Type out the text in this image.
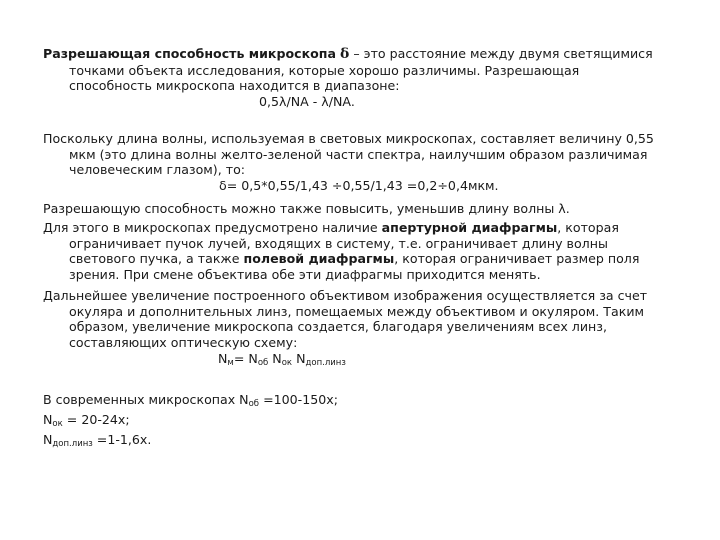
Разрешающая способность микроскопа δ – это расстояние между двумя светящимися
точками объекта исследования, которые хорошо различимы. Разрешающая
способность микроскопа находится в диапазоне:
0,5λ/NA - λ/NA.
Поскольку длина волны, используемая в световых микроскопах, составляет величину 0,55
мкм (это длина волны желто-зеленой части спектра, наилучшим образом различимая
человеческим глазом), то:
δ= 0,5*0,55/1,43 ÷0,55/1,43 =0,2÷0,4мкм.
Разрешающую способность можно также повысить, уменьшив длину волны λ.
Для этого в микроскопах предусмотрено наличие апертурной диафрагмы, которая
ограничивает пучок лучей, входящих в систему, т.е. ограничивает длину волны
светового пучка, а также полевой диафрагмы, которая ограничивает размер поля
зрения. При смене объектива обе эти диафрагмы приходится менять.
Дальнейшее увеличение построенного объективом изображения осуществляется за счет
окуляра и дополнительных линз, помещаемых между объективом и окуляром. Таким
образом, увеличение микроскопа создается, благодаря увеличениям всех линз,
составляющих оптическую схему:
$N_м= N_{об}$ $N_{ок}$ $N_{доп.линз}$
В современных микроскопах $N_{об} =100-150х$;
$N_{ок} = 20-24х$;
$N_{доп.линз} =1-1,6х$.
